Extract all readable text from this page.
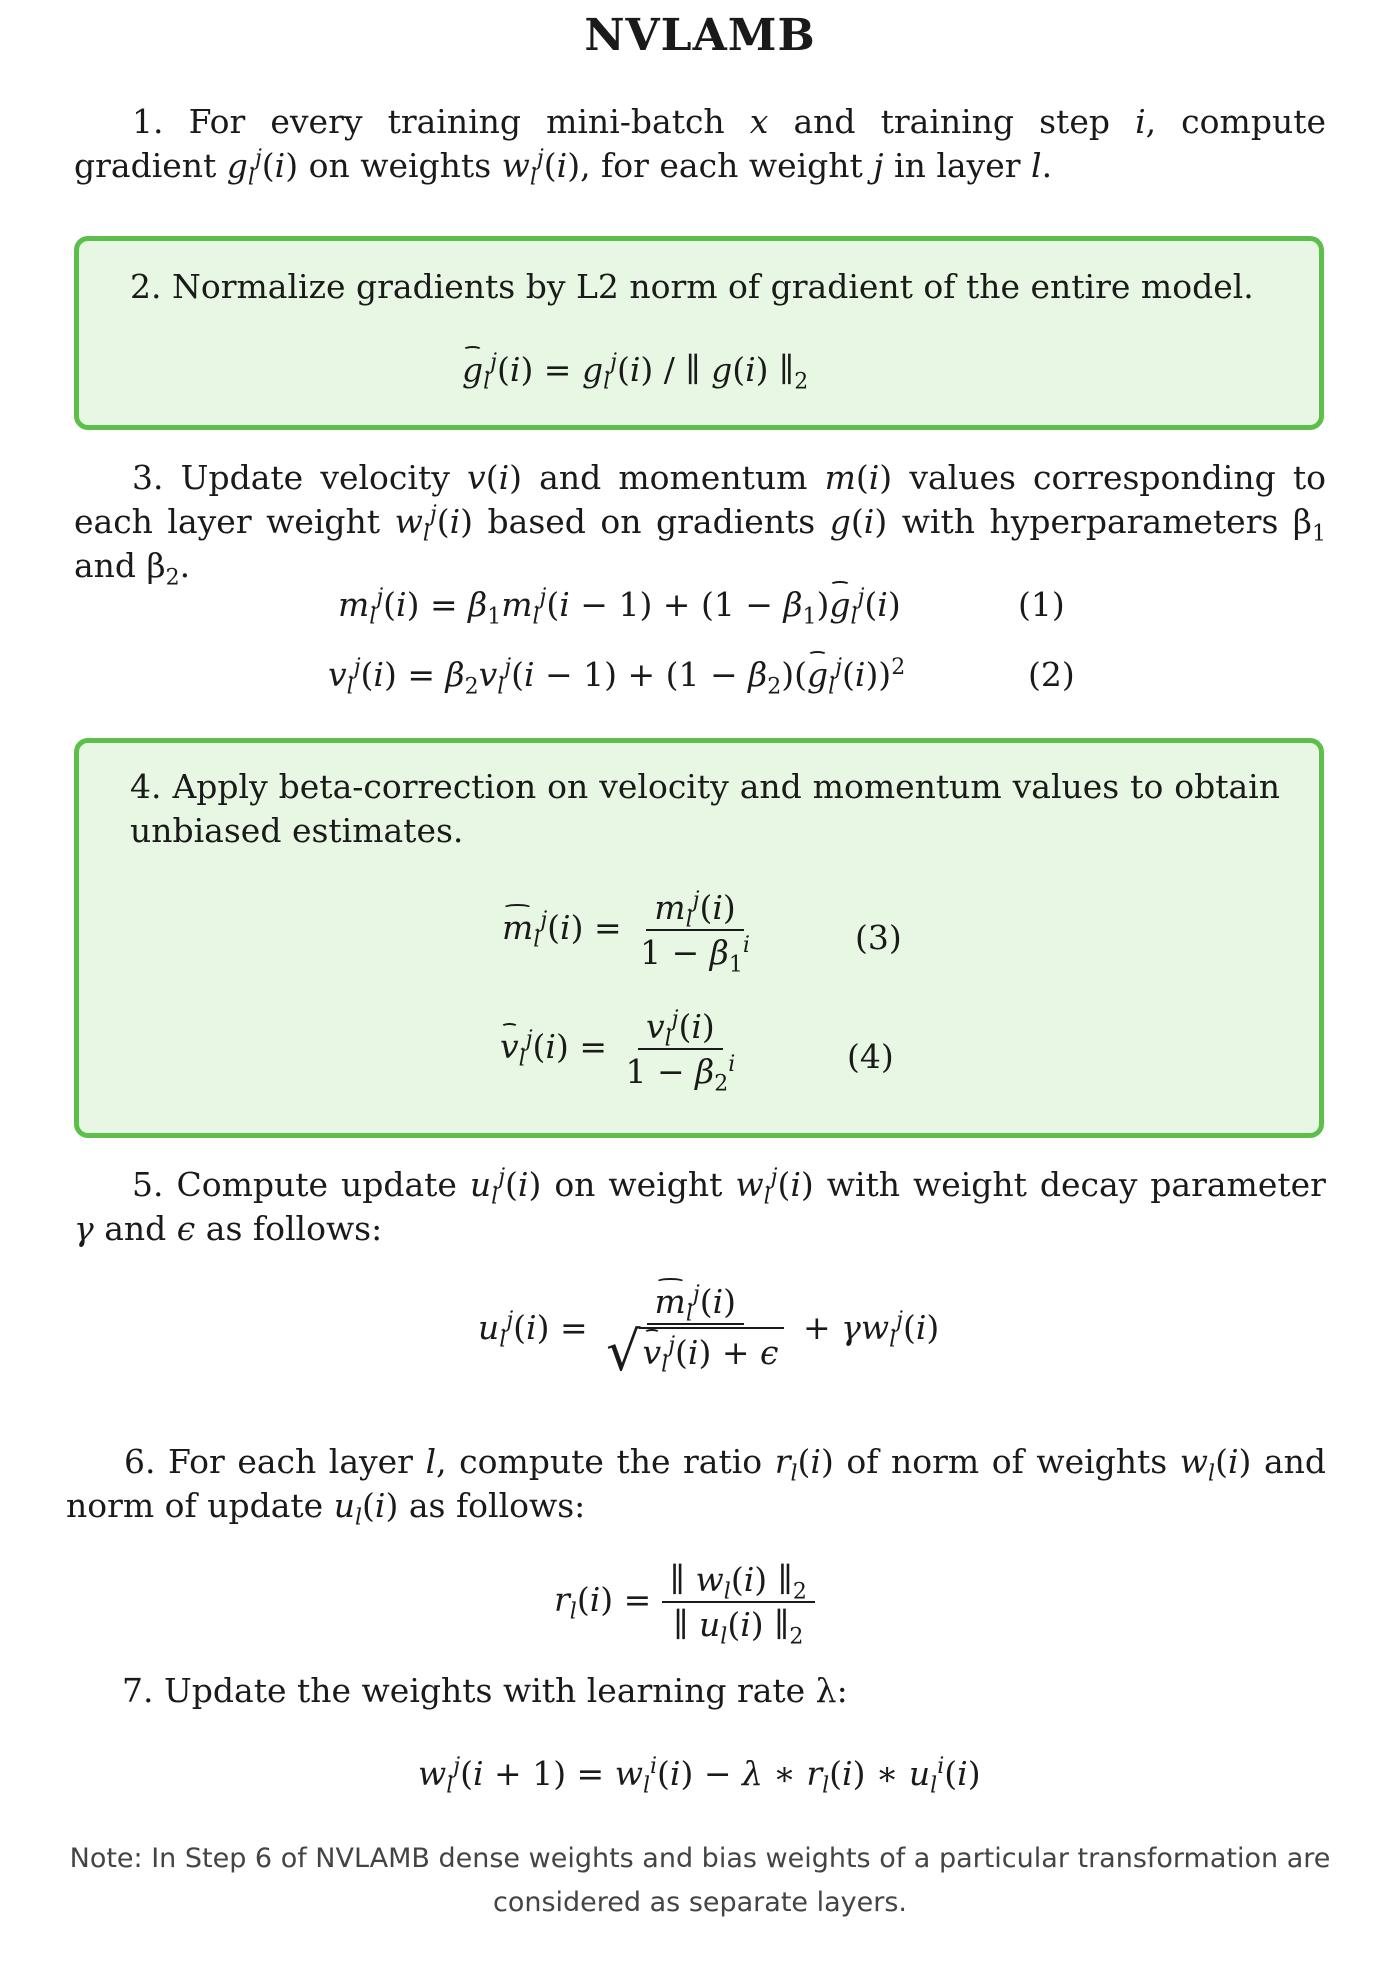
NVLAMB
1. For every training mini-batch x and training step i, compute gradient $g_l^j(i)$ on weights $w_l^j(i)$, for each weight j in layer l.
2. Normalize gradients by L2 norm of gradient of the entire model.
$g_l^j(i) = g_l^j(i)$ / ∥ g(i) $\parallel_2$
3. Update velocity v(i) and momentum m(i) values corresponding to each layer weight $w_l^j(i)$ based on gradients g(i) with hyperparameters $\beta_1$ and $\beta_2$.
$m_l^j(i) = \beta_1m_l^j(i - 1) + (1 - \beta_1)g_l^j(i)$	(1)
$v_l^j(i) = \beta_2v_l^j(i - 1) + (1 - \beta_2)(g_l^j(i))^2$	(2)
4. Apply beta-correction on velocity and momentum values to obtain unbiased estimates.
$m_l^j(i) = \frac{m_l^j(i)}{1 - \beta_1^i}$	(3)
$v_l^j(i) = \frac{v_l^j(i)}{1 - \beta_2^i}$	(4)
5. Compute update $u_l^j(i)$ on weight $w_l^j(i)$ with weight decay parameter γ and ϵ as follows:
$u_l^j(i) = \frac{m_l^j(i)}{√ v_l^j(i) + \epsilon} + \gamma w_l^j(i)$
6. For each layer l, compute the ratio $r_l(i)$ of norm of weights $w_l(i)$ and norm of update $u_l(i)$ as follows:
$r_l(i) = \frac{\parallel w_l(i) \parallel_2}{\parallel u_l(i) \parallel_2}$
7. Update the weights with learning rate λ:
$w_l^j(i + 1) = w_l^i(i) - \lambda$ ∗ $r_l(i)$ ∗ $u_l^i(i)$
Note: In Step 6 of NVLAMB dense weights and bias weights of a particular transformation are considered as separate layers.
